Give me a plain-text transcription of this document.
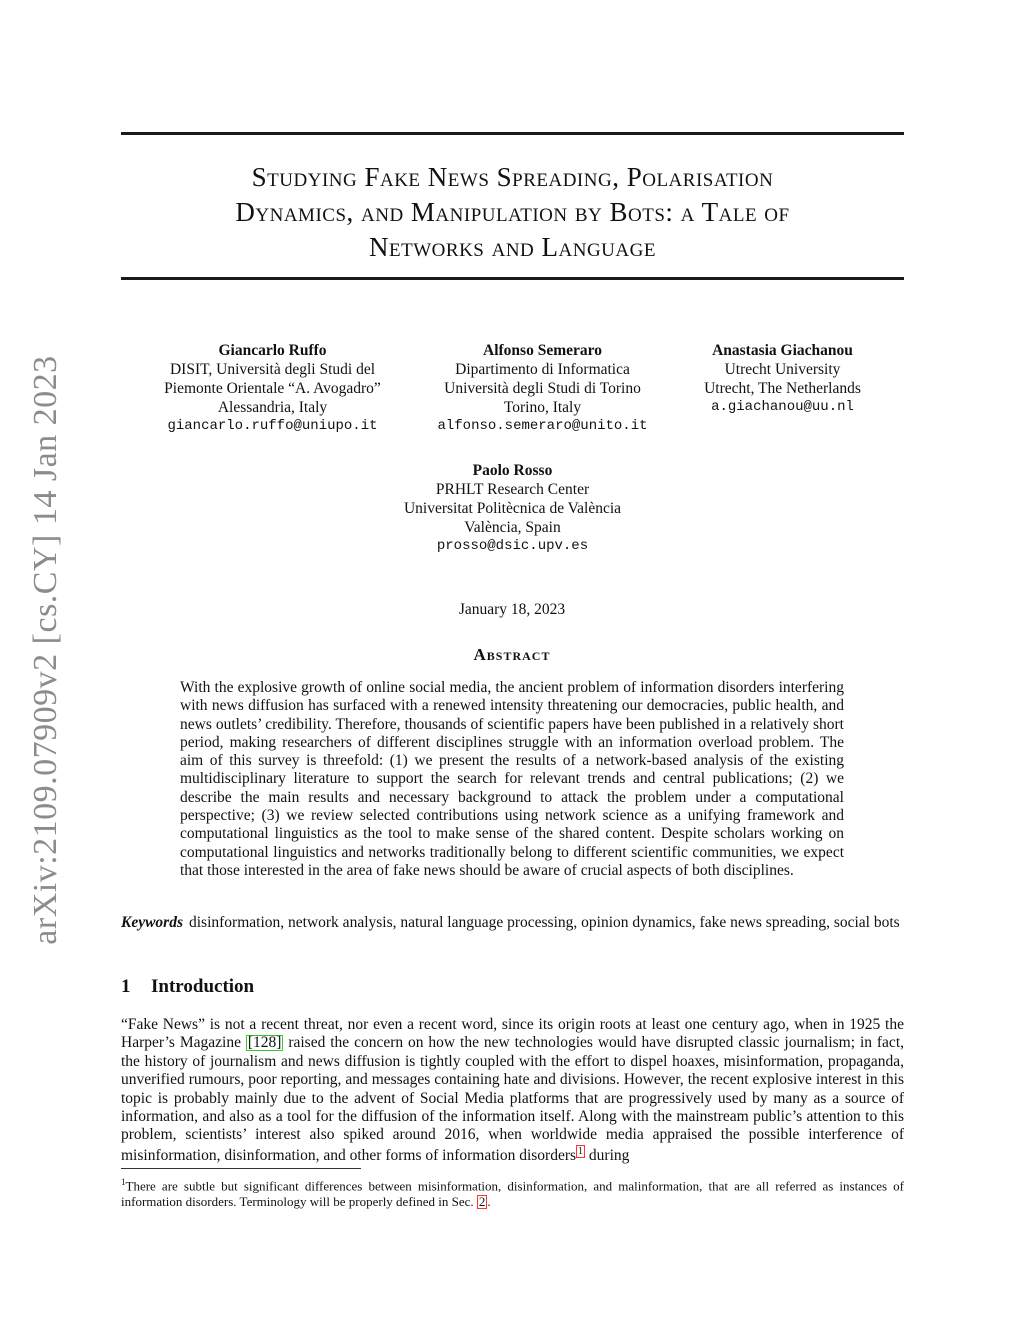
arXiv:2109.07909v2 [cs.CY] 14 Jan 2023
Studying Fake News Spreading, Polarisation
Dynamics, and Manipulation by Bots: a Tale of
Networks and Language
Giancarlo Ruffo
DISIT, Università degli Studi del
Piemonte Orientale “A. Avogadro”
Alessandria, Italy
giancarlo.ruffo@uniupo.it
Alfonso Semeraro
Dipartimento di Informatica
Università degli Studi di Torino
Torino, Italy
alfonso.semeraro@unito.it
Anastasia Giachanou
Utrecht University
Utrecht, The Netherlands
a.giachanou@uu.nl
Paolo Rosso
PRHLT Research Center
Universitat Politècnica de València
València, Spain
prosso@dsic.upv.es
January 18, 2023
Abstract

With the explosive growth of online social media, the ancient problem of information disorders interfering with news diffusion has surfaced with a renewed intensity threatening our democracies, public health, and news outlets’ credibility. Therefore, thousands of scientific papers have been published in a relatively short period, making researchers of different disciplines struggle with an information overload problem. The aim of this survey is threefold: (1) we present the results of a network-based analysis of the existing multidisciplinary literature to support the search for relevant trends and central publications; (2) we describe the main results and necessary background to attack the problem under a computational perspective; (3) we review selected contributions using network science as a unifying framework and computational linguistics as the tool to make sense of the shared content. Despite scholars working on computational linguistics and networks traditionally belong to different scientific communities, we expect that those interested in the area of fake news should be aware of crucial aspects of both disciplines.

Keywords disinformation, network analysis, natural language processing, opinion dynamics, fake news spreading, social bots

1 Introduction

“Fake News” is not a recent threat, nor even a recent word, since its origin roots at least one century ago, when in 1925 the Harper’s Magazine [128] raised the concern on how the new technologies would have disrupted classic journalism; in fact, the history of journalism and news diffusion is tightly coupled with the effort to dispel hoaxes, misinformation, propaganda, unverified rumours, poor reporting, and messages containing hate and divisions. However, the recent explosive interest in this topic is probably mainly due to the advent of Social Media platforms that are progressively used by many as a source of information, and also as a tool for the diffusion of the information itself. Along with the mainstream public’s attention to this problem, scientists’ interest also spiked around 2016, when worldwide media appraised the possible interference of misinformation, disinformation, and other forms of information disorders 1 during

$^1$There are subtle but significant differences between misinformation, disinformation, and malinformation, that are all referred as instances of information disorders. Terminology will be properly defined in Sec. 2 .
